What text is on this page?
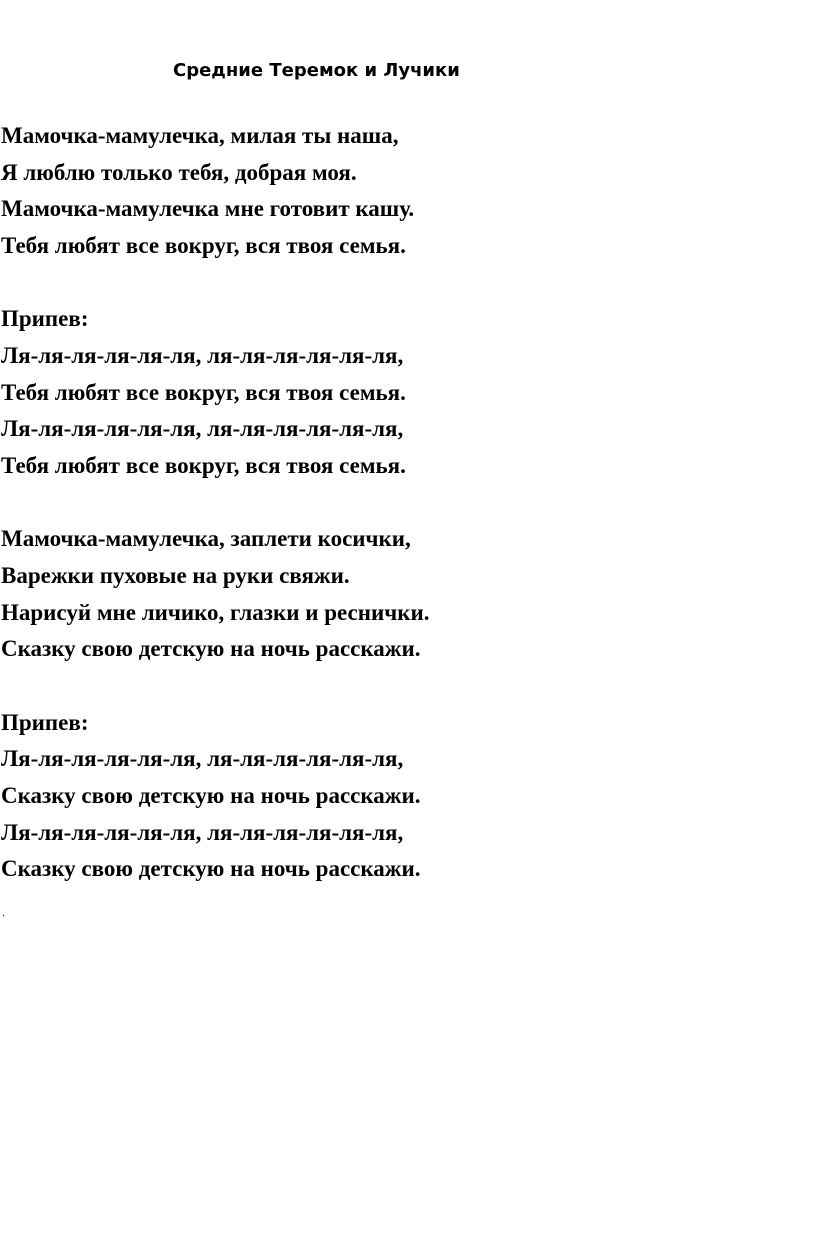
Средние Теремок и Лучики
Мамочка-мамулечка, милая ты наша,
Я люблю только тебя, добрая моя.
Мамочка-мамулечка мне готовит кашу.
Тебя любят все вокруг, вся твоя семья.
Припев:
Ля-ля-ля-ля-ля-ля, ля-ля-ля-ля-ля-ля,
Тебя любят все вокруг, вся твоя семья.
Ля-ля-ля-ля-ля-ля, ля-ля-ля-ля-ля-ля,
Тебя любят все вокруг, вся твоя семья.
Мамочка-мамулечка, заплети косички,
Варежки пуховые на руки свяжи.
Нарисуй мне личико, глазки и реснички.
Сказку свою детскую на ночь расскажи.
Припев:
Ля-ля-ля-ля-ля-ля, ля-ля-ля-ля-ля-ля,
Сказку свою детскую на ночь расскажи.
Ля-ля-ля-ля-ля-ля, ля-ля-ля-ля-ля-ля,
Сказку свою детскую на ночь расскажи.
.
